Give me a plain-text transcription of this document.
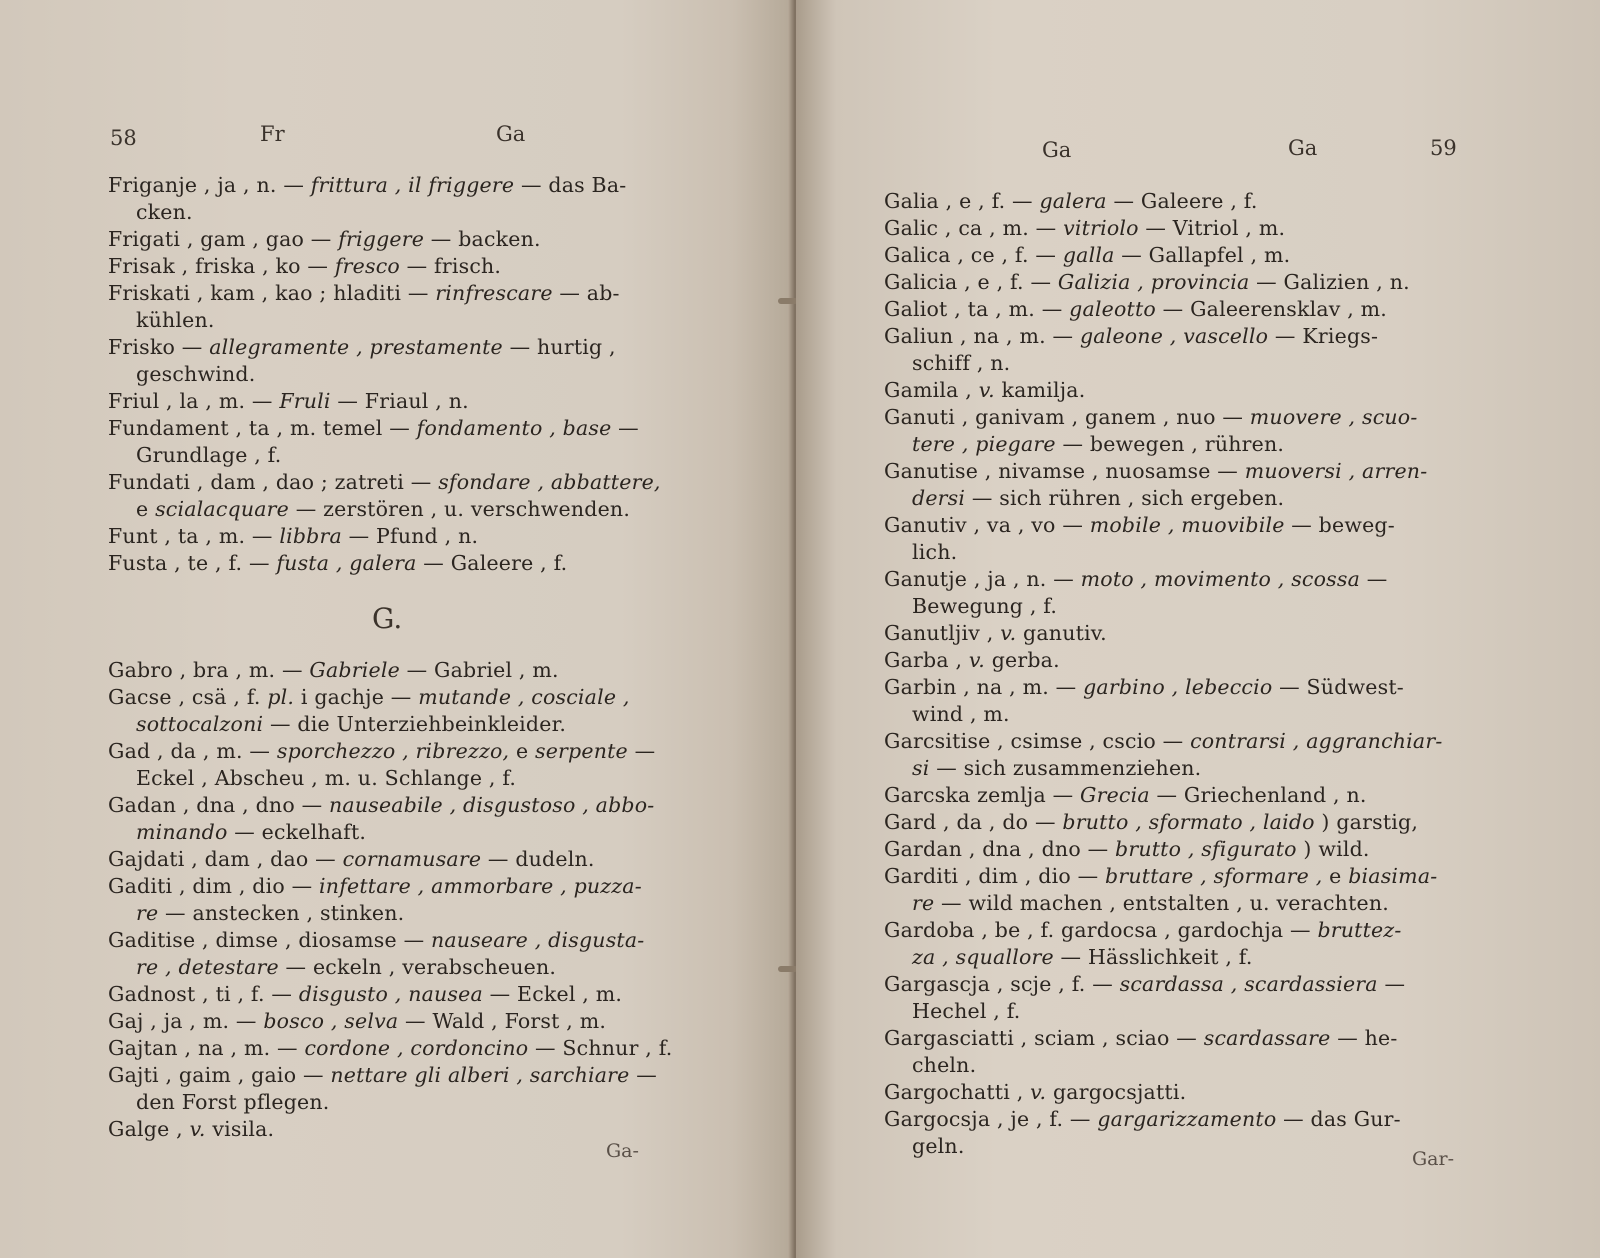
58	Fr	Ga
Friganje , ja , n. — frittura , il friggere — das Ba-
cken.
Frigati , gam , gao — friggere — backen.
Frisak , friska , ko — fresco — frisch.
Friskati , kam , kao ; hladiti — rinfrescare — ab-
kühlen.
Frisko — allegramente , prestamente — hurtig ,
geschwind.
Friul , la , m. — Fruli — Friaul , n.
Fundament , ta , m. temel — fondamento , base —
Grundlage , f.
Fundati , dam , dao ; zatreti — sfondare , abbattere,
e scialacquare — zerstören , u. verschwenden.
Funt , ta , m. — libbra — Pfund , n.
Fusta , te , f. — fusta , galera — Galeere , f.
G.
Gabro , bra , m. — Gabriele — Gabriel , m.
Gacse , csä , f. pl. i gachje — mutande , cosciale ,
sottocalzoni — die Unterziehbeinkleider.
Gad , da , m. — sporchezzo , ribrezzo, e serpente —
Eckel , Abscheu , m. u. Schlange , f.
Gadan , dna , dno — nauseabile , disgustoso , abbo-
minando — eckelhaft.
Gajdati , dam , dao — cornamusare — dudeln.
Gaditi , dim , dio — infettare , ammorbare , puzza-
re — anstecken , stinken.
Gaditise , dimse , diosamse — nauseare , disgusta-
re , detestare — eckeln , verabscheuen.
Gadnost , ti , f. — disgusto , nausea — Eckel , m.
Gaj , ja , m. — bosco , selva — Wald , Forst , m.
Gajtan , na , m. — cordone , cordoncino — Schnur , f.
Gajti , gaim , gaio — nettare gli alberi , sarchiare —
den Forst pflegen.
Galge , v. visila.
Ga-
Ga	Ga	59
Galia , e , f. — galera — Galeere , f.
Galic , ca , m. — vitriolo — Vitriol , m.
Galica , ce , f. — galla — Gallapfel , m.
Galicia , e , f. — Galizia , provincia — Galizien , n.
Galiot , ta , m. — galeotto — Galeerensklav , m.
Galiun , na , m. — galeone , vascello — Kriegs-
schiff , n.
Gamila , v. kamilja.
Ganuti , ganivam , ganem , nuo — muovere , scuo-
tere , piegare — bewegen , rühren.
Ganutise , nivamse , nuosamse — muoversi , arren-
dersi — sich rühren , sich ergeben.
Ganutiv , va , vo — mobile , muovibile — beweg-
lich.
Ganutje , ja , n. — moto , movimento , scossa —
Bewegung , f.
Ganutljiv , v. ganutiv.
Garba , v. gerba.
Garbin , na , m. — garbino , lebeccio — Südwest-
wind , m.
Garcsitise , csimse , cscio — contrarsi , aggranchiar-
si — sich zusammenziehen.
Garcska zemlja — Grecia — Griechenland , n.
Gard , da , do — brutto , sformato , laido ) garstig,
Gardan , dna , dno — brutto , sfigurato ) wild.
Garditi , dim , dio — bruttare , sformare , e biasima-
re — wild machen , entstalten , u. verachten.
Gardoba , be , f. gardocsa , gardochja — bruttez-
za , squallore — Hässlichkeit , f.
Gargascja , scje , f. — scardassa , scardassiera —
Hechel , f.
Gargasciatti , sciam , sciao — scardassare — he-
cheln.
Gargochatti , v. gargocsjatti.
Gargocsja , je , f. — gargarizzamento — das Gur-
geln.
Gar-
